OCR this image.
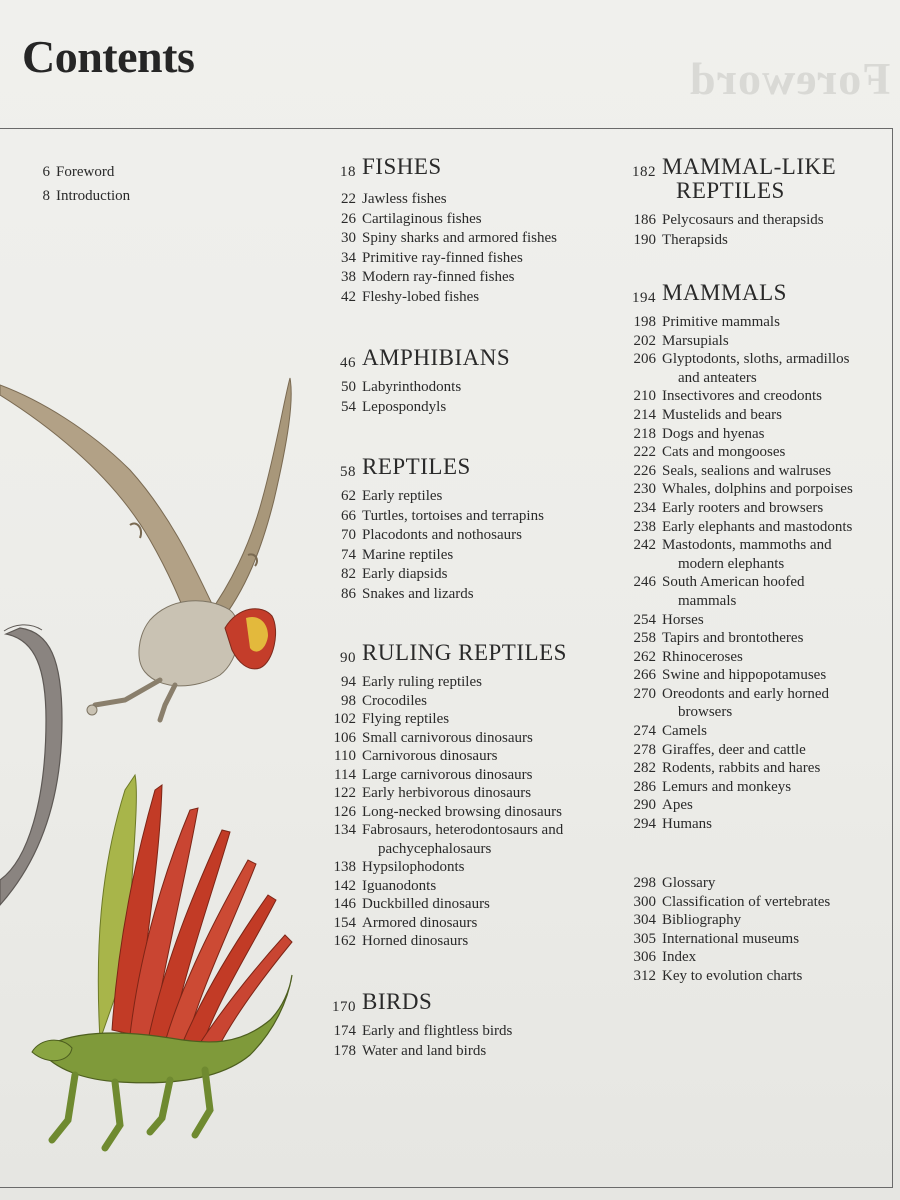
Foreword
Contents
6 Foreword
8 Introduction
18 FISHES
22 Jawless fishes
26 Cartilaginous fishes
30 Spiny sharks and armored fishes
34 Primitive ray-finned fishes
38 Modern ray-finned fishes
42 Fleshy-lobed fishes
46 AMPHIBIANS
50 Labyrinthodonts
54 Lepospondyls
58 REPTILES
62 Early reptiles
66 Turtles, tortoises and terrapins
70 Placodonts and nothosaurs
74 Marine reptiles
82 Early diapsids
86 Snakes and lizards
90 RULING REPTILES
94 Early ruling reptiles
98 Crocodiles
102 Flying reptiles
106 Small carnivorous dinosaurs
110 Carnivorous dinosaurs
114 Large carnivorous dinosaurs
122 Early herbivorous dinosaurs
126 Long-necked browsing dinosaurs
134 Fabrosaurs, heterodontosaurs and
pachycephalosaurs
138 Hypsilophodonts
142 Iguanodonts
146 Duckbilled dinosaurs
154 Armored dinosaurs
162 Horned dinosaurs
170 BIRDS
174 Early and flightless birds
178 Water and land birds
182 MAMMAL-LIKE
REPTILES
186 Pelycosaurs and therapsids
190 Therapsids
194 MAMMALS
198 Primitive mammals
202 Marsupials
206 Glyptodonts, sloths, armadillos
and anteaters
210 Insectivores and creodonts
214 Mustelids and bears
218 Dogs and hyenas
222 Cats and mongooses
226 Seals, sealions and walruses
230 Whales, dolphins and porpoises
234 Early rooters and browsers
238 Early elephants and mastodonts
242 Mastodonts, mammoths and
modern elephants
246 South American hoofed
mammals
254 Horses
258 Tapirs and brontotheres
262 Rhinoceroses
266 Swine and hippopotamuses
270 Oreodonts and early horned
browsers
274 Camels
278 Giraffes, deer and cattle
282 Rodents, rabbits and hares
286 Lemurs and monkeys
290 Apes
294 Humans
298 Glossary
300 Classification of vertebrates
304 Bibliography
305 International museums
306 Index
312 Key to evolution charts
